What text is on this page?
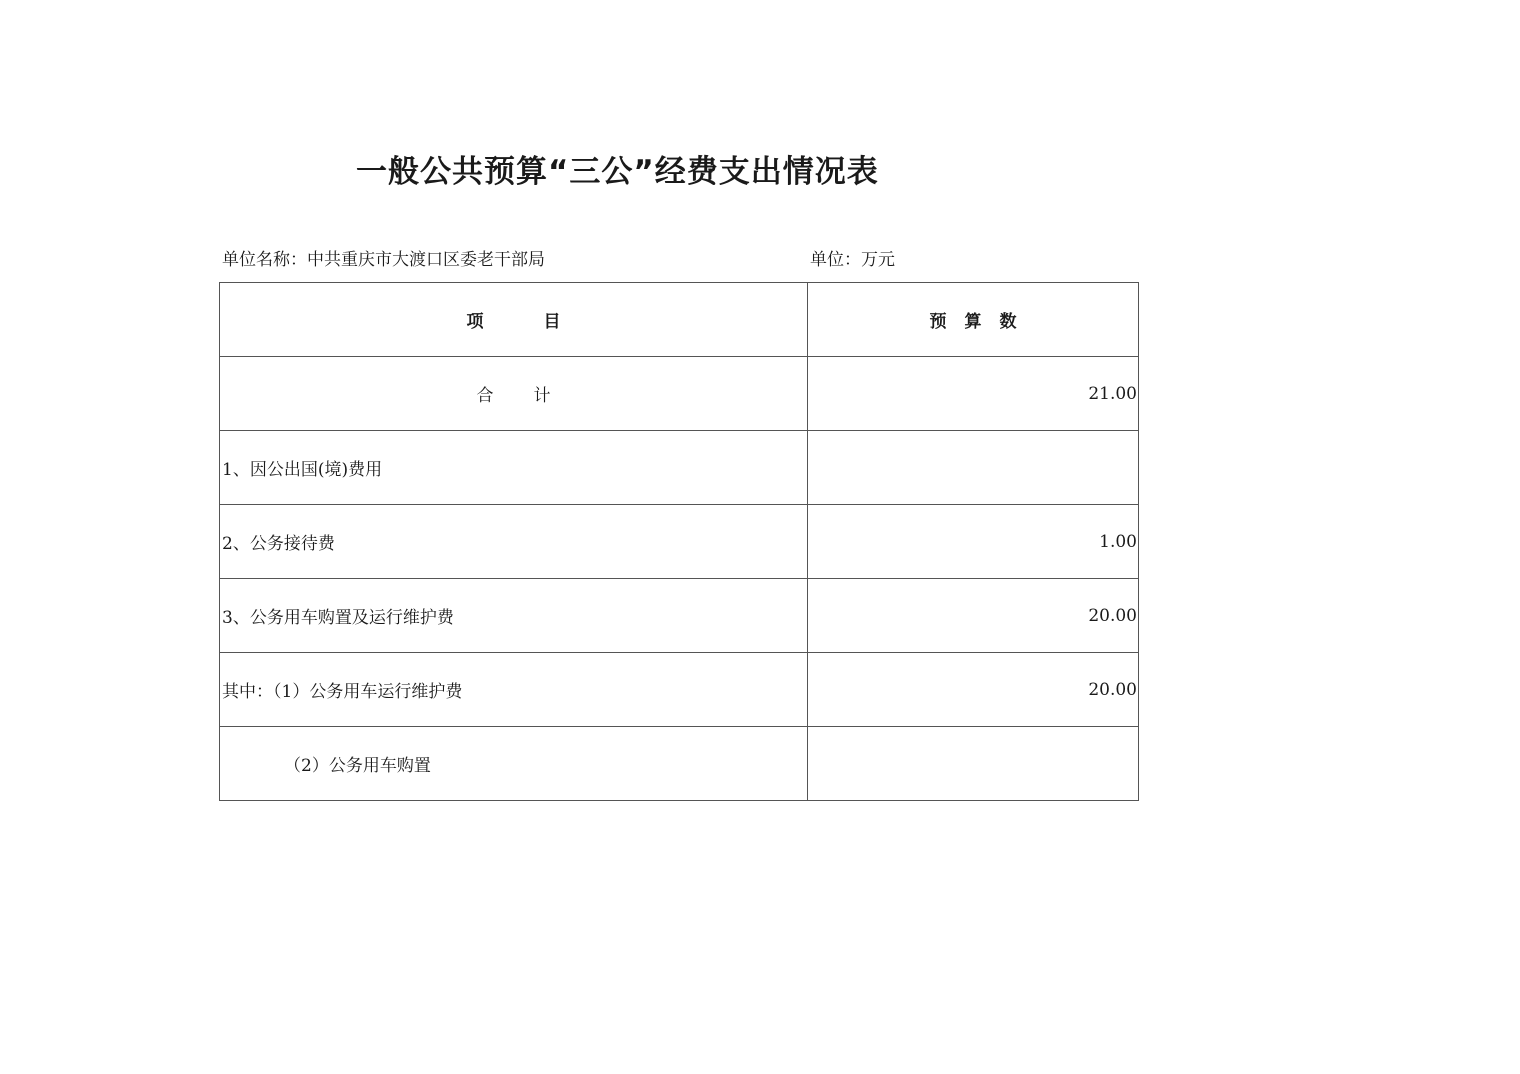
一般公共预算“三公”经费支出情况表
单位名称：中共重庆市大渡口区委老干部局	单位：万元
项目	预算数
合计	21.00
1、因公出国(境)费用	
2、公务接待费	1.00
3、公务用车购置及运行维护费	20.00
其中：（1）公务用车运行维护费	20.00
（2）公务用车购置	
